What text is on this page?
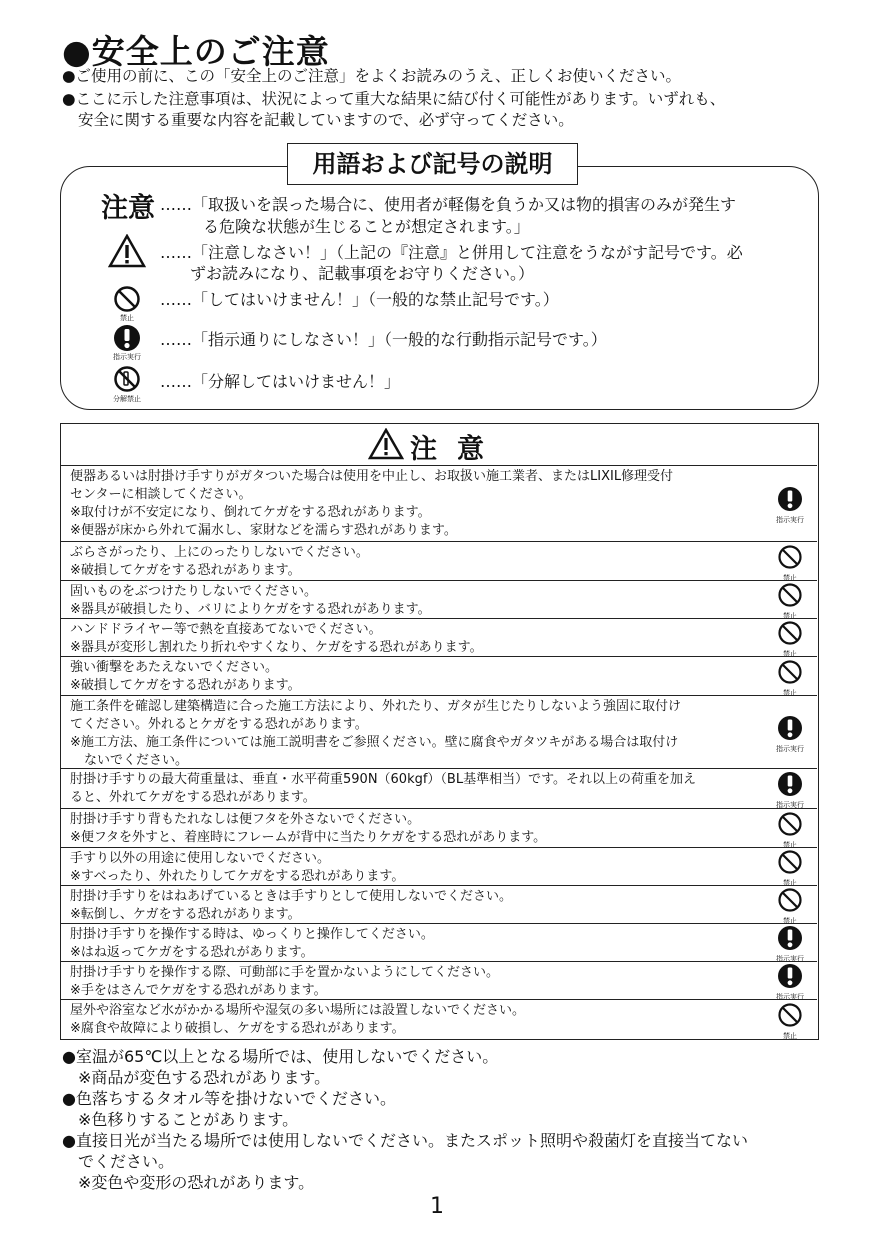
●安全上のご注意
●ご使用の前に、この「安全上のご注意」をよくお読みのうえ、正しくお使いください。
●ここに示した注意事項は、状況によって重大な結果に結び付く可能性があります。いずれも、
安全に関する重要な内容を記載していますので、必ず守ってください。
用語および記号の説明
注意 ……「取扱いを誤った場合に、使用者が軽傷を負うか又は物的損害のみが発生す
る危険な状態が生じることが想定されます。」
……「注意しなさい！」（上記の『注意』と併用して注意をうながす記号です。必
ずお読みになり、記載事項をお守りください。）
禁止
……「してはいけません！」（一般的な禁止記号です。）
指示実行
……「指示通りにしなさい！」（一般的な行動指示記号です。）
分解禁止
……「分解してはいけません！」
注意
便器あるいは肘掛け手すりがガタついた場合は使用を中止し、お取扱い施工業者、またはLIXIL修理受付
センターに相談してください。
※取付けが不安定になり、倒れてケガをする恐れがあります。
※便器が床から外れて漏水し、家財などを濡らす恐れがあります。
指示実行
ぶらさがったり、上にのったりしないでください。
※破損してケガをする恐れがあります。	禁止
固いものをぶつけたりしないでください。
※器具が破損したり、バリによりケガをする恐れがあります。	禁止
ハンドドライヤー等で熱を直接あてないでください。
※器具が変形し割れたり折れやすくなり、ケガをする恐れがあります。	禁止
強い衝撃をあたえないでください。
※破損してケガをする恐れがあります。	禁止
施工条件を確認し建築構造に合った施工方法により、外れたり、ガタが生じたりしないよう強固に取付け
てください。外れるとケガをする恐れがあります。
※施工方法、施工条件については施工説明書をご参照ください。壁に腐食やガタツキがある場合は取付け
ないでください。
指示実行
肘掛け手すりの最大荷重量は、垂直・水平荷重590N（60kgf）（BL基準相当）です。それ以上の荷重を加え
ると、外れてケガをする恐れがあります。	指示実行
肘掛け手すり背もたれなしは便フタを外さないでください。
※便フタを外すと、着座時にフレームが背中に当たりケガをする恐れがあります。	禁止
手すり以外の用途に使用しないでください。
※すべったり、外れたりしてケガをする恐れがあります。	禁止
肘掛け手すりをはねあげているときは手すりとして使用しないでください。
※転倒し、ケガをする恐れがあります。	禁止
肘掛け手すりを操作する時は、ゆっくりと操作してください。
※はね返ってケガをする恐れがあります。	指示実行
肘掛け手すりを操作する際、可動部に手を置かないようにしてください。
※手をはさんでケガをする恐れがあります。	指示実行
屋外や浴室など水がかかる場所や湿気の多い場所には設置しないでください。
※腐食や故障により破損し、ケガをする恐れがあります。	禁止
●室温が65℃以上となる場所では、使用しないでください。
※商品が変色する恐れがあります。
●色落ちするタオル等を掛けないでください。
※色移りすることがあります。
●直接日光が当たる場所では使用しないでください。またスポット照明や殺菌灯を直接当てない
でください。
※変色や変形の恐れがあります。
1
